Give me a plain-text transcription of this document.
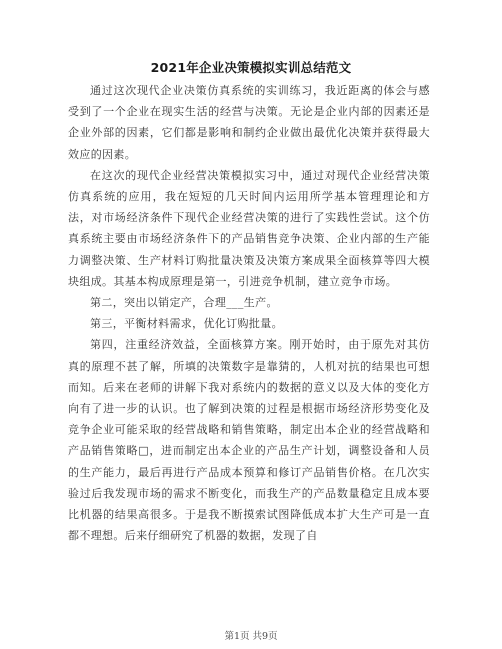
2021年企业决策模拟实训总结范文

通过这次现代企业决策仿真系统的实训练习，我近距离的体会与感受到了一个企业在现实生活的经营与决策。无论是企业内部的因素还是企业外部的因素，它们都是影响和制约企业做出最优化决策并获得最大效应的因素。

在这次的现代企业经营决策模拟实习中，通过对现代企业经营决策仿真系统的应用，我在短短的几天时间内运用所学基本管理理论和方法，对市场经济条件下现代企业经营决策的进行了实践性尝试。这个仿真系统主要由市场经济条件下的产品销售竞争决策、企业内部的生产能力调整决策、生产材料订购批量决策及决策方案成果全面核算等四大模块组成。其基本构成原理是第一，引进竞争机制，建立竞争市场。

第二，突出以销定产，合理___生产。

第三，平衡材料需求，优化订购批量。

第四，注重经济效益，全面核算方案。刚开始时，由于原先对其仿真的原理不甚了解，所填的决策数字是靠猜的，人机对抗的结果也可想而知。后来在老师的讲解下我对系统内的数据的意义以及大体的变化方向有了进一步的认识。也了解到决策的过程是根据市场经济形势变化及竞争企业可能采取的经营战略和销售策略，制定出本企业的经营战略和产品销售策略□，进而制定出本企业的产品生产计划，调整设备和人员的生产能力，最后再进行产品成本预算和修订产品销售价格。在几次实验过后我发现市场的需求不断变化，而我生产的产品数量稳定且成本要比机器的结果高很多。于是我不断摸索试图降低成本扩大生产可是一直都不理想。后来仔细研究了机器的数据，发现了自

第1页 共9页
